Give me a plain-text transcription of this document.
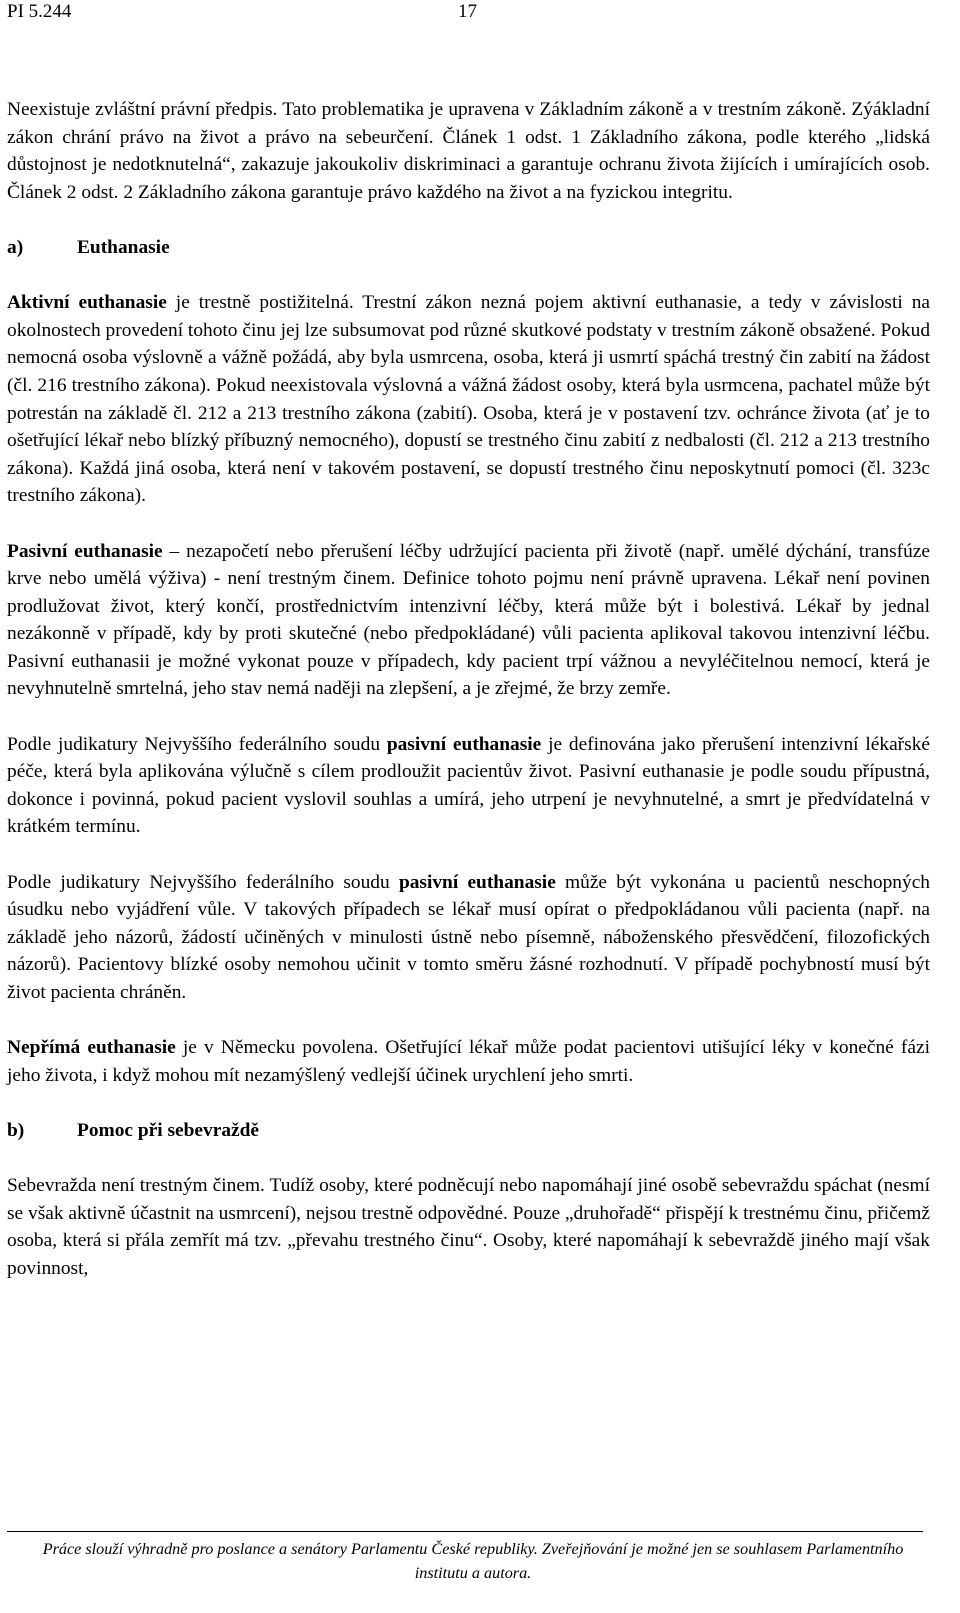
PI 5.244	17

Neexistuje zvláštní právní předpis. Tato problematika je upravena v Základním zákoně a v trestním zákoně. Zýákladní zákon chrání právo na život a právo na sebeurčení. Článek 1 odst. 1 Základního zákona, podle kterého „lidská důstojnost je nedotknutelná“, zakazuje jakoukoliv diskriminaci a garantuje ochranu života žijících i umírajících osob. Článek 2 odst. 2 Základního zákona garantuje právo každého na život a na fyzickou integritu.

a)	Euthanasie

Aktivní euthanasie je trestně postižitelná. Trestní zákon nezná pojem aktivní euthanasie, a tedy v závislosti na okolnostech provedení tohoto činu jej lze subsumovat pod různé skutkové podstaty v trestním zákoně obsažené. Pokud nemocná osoba výslovně a vážně požádá, aby byla usmrcena, osoba, která ji usmrtí spáchá trestný čin zabití na žádost (čl. 216 trestního zákona). Pokud neexistovala výslovná a vážná žádost osoby, která byla usrmcena, pachatel může být potrestán na základě čl. 212 a 213 trestního zákona (zabití). Osoba, která je v postavení tzv. ochránce života (ať je to ošetřující lékař nebo blízký příbuzný nemocného), dopustí se trestného činu zabití z nedbalosti (čl. 212 a 213 trestního zákona). Každá jiná osoba, která není v takovém postavení, se dopustí trestného činu neposkytnutí pomoci (čl. 323c trestního zákona).

Pasivní euthanasie – nezapočetí nebo přerušení léčby udržující pacienta při životě (např. umělé dýchání, transfúze krve nebo umělá výživa) - není trestným činem. Definice tohoto pojmu není právně upravena. Lékař není povinen prodlužovat život, který končí, prostřednictvím intenzivní léčby, která může být i bolestivá. Lékař by jednal nezákonně v případě, kdy by proti skutečné (nebo předpokládané) vůli pacienta aplikoval takovou intenzivní léčbu. Pasivní euthanasii je možné vykonat pouze v případech, kdy pacient trpí vážnou a nevyléčitelnou nemocí, která je nevyhnutelně smrtelná, jeho stav nemá naději na zlepšení, a je zřejmé, že brzy zemře.

Podle judikatury Nejvyššího federálního soudu pasivní euthanasie je definována jako přerušení intenzivní lékařské péče, která byla aplikována výlučně s cílem prodloužit pacientův život. Pasivní euthanasie je podle soudu přípustná, dokonce i povinná, pokud pacient vyslovil souhlas a umírá, jeho utrpení je nevyhnutelné, a smrt je předvídatelná v krátkém termínu.

Podle judikatury Nejvyššího federálního soudu pasivní euthanasie může být vykonána u pacientů neschopných úsudku nebo vyjádření vůle. V takových případech se lékař musí opírat o předpokládanou vůli pacienta (např. na základě jeho názorů, žádostí učiněných v minulosti ústně nebo písemně, náboženského přesvědčení, filozofických názorů). Pacientovy blízké osoby nemohou učinit v tomto směru žásné rozhodnutí. V případě pochybností musí být život pacienta chráněn.

Nepřímá euthanasie je v Německu povolena. Ošetřující lékař může podat pacientovi utišující léky v konečné fázi jeho života, i když mohou mít nezamýšlený vedlejší účinek urychlení jeho smrti.

b)	Pomoc při sebevraždě

Sebevražda není trestným činem. Tudíž osoby, které podněcují nebo napomáhají jiné osobě sebevraždu spáchat (nesmí se však aktivně účastnit na usmrcení), nejsou trestně odpovědné. Pouze „druhořadě“ přispějí k trestnému činu, přičemž osoba, která si přála zemřít má tzv. „převahu trestného činu“. Osoby, které napomáhají k sebevraždě jiného mají však povinnost,

Práce slouží výhradně pro poslance a senátory Parlamentu České republiky. Zveřejňování je možné jen se souhlasem Parlamentního institutu a autora.
